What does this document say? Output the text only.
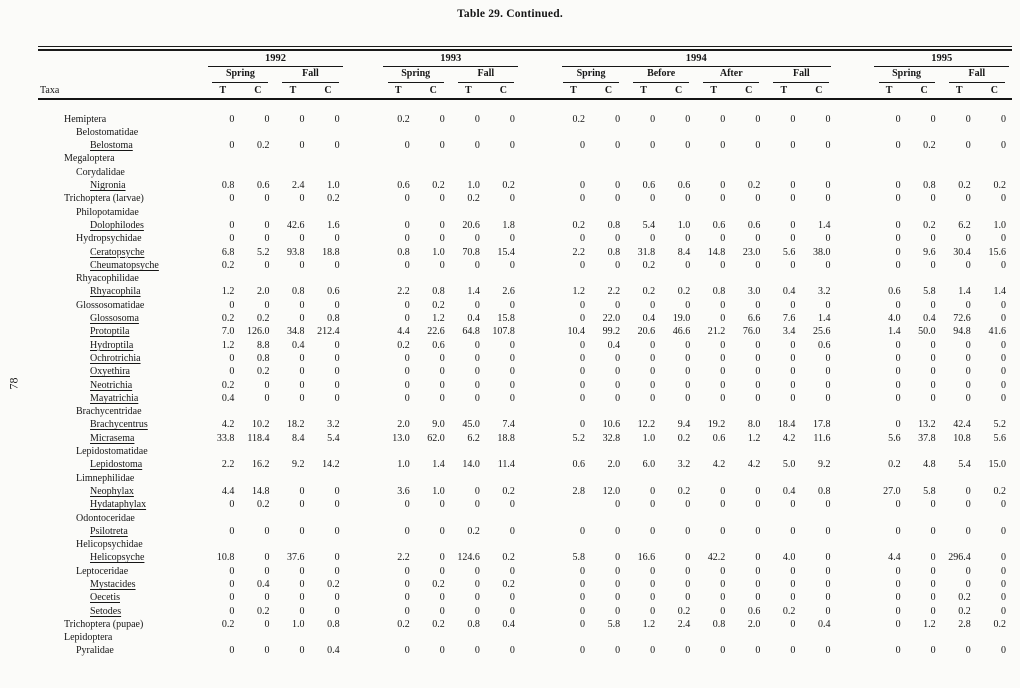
Table 29. Continued.
78
	1992					1993					1994									1995			
	Spring		Fall			Spring		Fall			Spring		Before		After		Fall			Spring		Fall	
Taxa	T	C	T	C		T	C	T	C		T	C	T	C	T	C	T	C		T	C	T	C
Hemiptera	0	0	0	0		0.2	0	0	0		0.2	0	0	0	0	0	0	0		0	0	0	0
Belostomatidae																							
Belostoma	0	0.2	0	0		0	0	0	0		0	0	0	0	0	0	0	0		0	0.2	0	0
Megaloptera																							
Corydalidae																							
Nigronia	0.8	0.6	2.4	1.0		0.6	0.2	1.0	0.2		0	0	0.6	0.6	0	0.2	0	0		0	0.8	0.2	0.2
Trichoptera (larvae)	0	0	0	0.2		0	0	0.2	0		0	0	0	0	0	0	0	0		0	0	0	0
Philopotamidae																							
Dolophilodes	0	0	42.6	1.6		0	0	20.6	1.8		0.2	0.8	5.4	1.0	0.6	0.6	0	1.4		0	0.2	6.2	1.0
Hydropsychidae	0	0	0	0		0	0	0	0		0	0	0	0	0	0	0	0		0	0	0	0
Ceratopsyche	6.8	5.2	93.8	18.8		0.8	1.0	70.8	15.4		2.2	0.8	31.8	8.4	14.8	23.0	5.6	38.0		0	9.6	30.4	15.6
Cheumatopsyche	0.2	0	0	0		0	0	0	0		0	0	0.2	0	0	0	0	0		0	0	0	0
Rhyacophilidae																							
Rhyacophila	1.2	2.0	0.8	0.6		2.2	0.8	1.4	2.6		1.2	2.2	0.2	0.2	0.8	3.0	0.4	3.2		0.6	5.8	1.4	1.4
Glossosomatidae	0	0	0	0		0	0.2	0	0		0	0	0	0	0	0	0	0		0	0	0	0
Glossosoma	0.2	0.2	0	0.8		0	1.2	0.4	15.8		0	22.0	0.4	19.0	0	6.6	7.6	1.4		4.0	0.4	72.6	0
Protoptila	7.0	126.0	34.8	212.4		4.4	22.6	64.8	107.8		10.4	99.2	20.6	46.6	21.2	76.0	3.4	25.6		1.4	50.0	94.8	41.6
Hydroptila	1.2	8.8	0.4	0		0.2	0.6	0	0		0	0.4	0	0	0	0	0	0.6		0	0	0	0
Ochrotrichia	0	0.8	0	0		0	0	0	0		0	0	0	0	0	0	0	0		0	0	0	0
Oxyethira	0	0.2	0	0		0	0	0	0		0	0	0	0	0	0	0	0		0	0	0	0
Neotrichia	0.2	0	0	0		0	0	0	0		0	0	0	0	0	0	0	0		0	0	0	0
Mayatrichia	0.4	0	0	0		0	0	0	0		0	0	0	0	0	0	0	0		0	0	0	0
Brachycentridae																							
Brachycentrus	4.2	10.2	18.2	3.2		2.0	9.0	45.0	7.4		0	10.6	12.2	9.4	19.2	8.0	18.4	17.8		0	13.2	42.4	5.2
Micrasema	33.8	118.4	8.4	5.4		13.0	62.0	6.2	18.8		5.2	32.8	1.0	0.2	0.6	1.2	4.2	11.6		5.6	37.8	10.8	5.6
Lepidostomatidae																							
Lepidostoma	2.2	16.2	9.2	14.2		1.0	1.4	14.0	11.4		0.6	2.0	6.0	3.2	4.2	4.2	5.0	9.2		0.2	4.8	5.4	15.0
Limnephilidae																							
Neophylax	4.4	14.8	0	0		3.6	1.0	0	0.2		2.8	12.0	0	0.2	0	0	0.4	0.8		27.0	5.8	0	0.2
Hydataphylax	0	0.2	0	0		0	0	0	0			0	0	0	0	0	0	0		0	0	0	0
Odontoceridae																							
Psilotreta	0	0	0	0		0	0	0.2	0		0	0	0	0	0	0	0	0		0	0	0	0
Helicopsychidae																							
Helicopsyche	10.8	0	37.6	0		2.2	0	124.6	0.2		5.8	0	16.6	0	42.2	0	4.0	0		4.4	0	296.4	0
Leptoceridae	0	0	0	0		0	0	0	0		0	0	0	0	0	0	0	0		0	0	0	0
Mystacides	0	0.4	0	0.2		0	0.2	0	0.2		0	0	0	0	0	0	0	0		0	0	0	0
Oecetis	0	0	0	0		0	0	0	0		0	0	0	0	0	0	0	0		0	0	0.2	0
Setodes	0	0.2	0	0		0	0	0	0		0	0	0	0.2	0	0.6	0.2	0		0	0	0.2	0
Trichoptera (pupae)	0.2	0	1.0	0.8		0.2	0.2	0.8	0.4		0	5.8	1.2	2.4	0.8	2.0	0	0.4		0	1.2	2.8	0.2
Lepidoptera																							
Pyralidae	0	0	0	0.4		0	0	0	0		0	0	0	0	0	0	0	0		0	0	0	0
